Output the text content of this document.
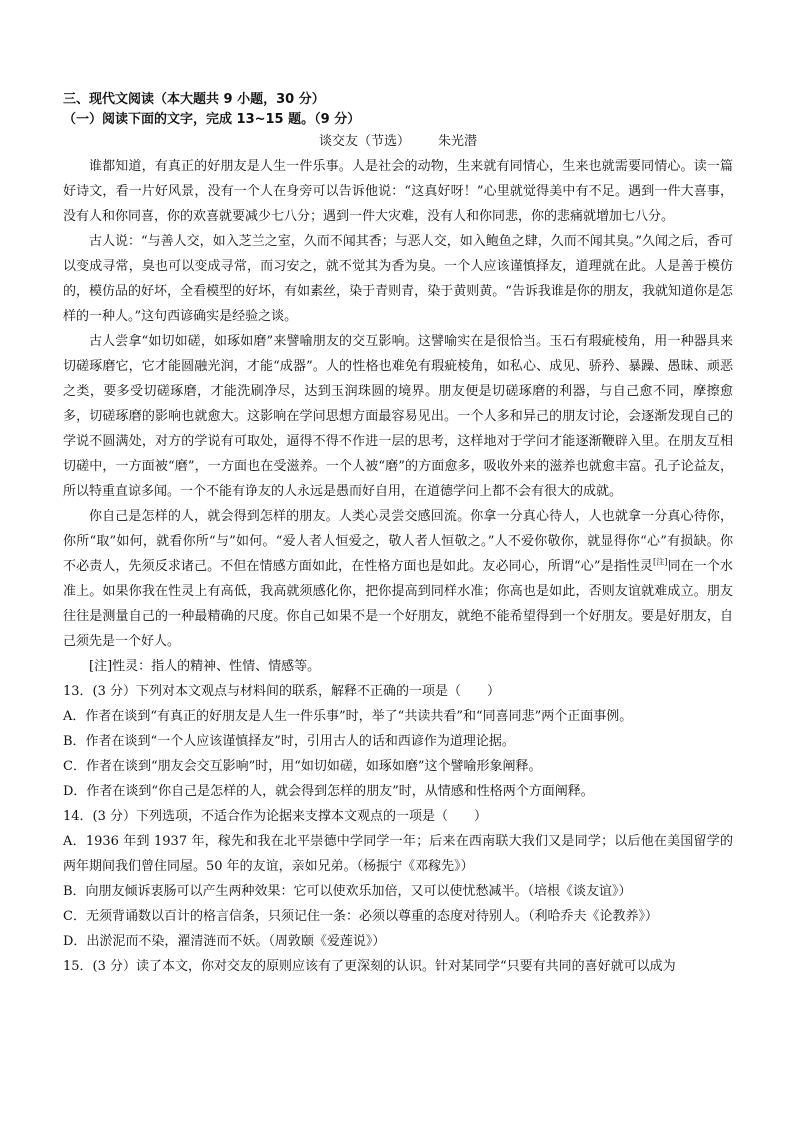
三、现代文阅读（本大题共 9 小题，30 分）

（一）阅读下面的文字，完成 13~15 题。（9 分）

谈交友（节选） 朱光潜

谁都知道，有真正的好朋友是人生一件乐事。人是社会的动物，生来就有同情心，生来也就需要同情心。读一篇好诗文，看一片好风景，没有一个人在身旁可以告诉他说：“这真好呀！”心里就觉得美中有不足。遇到一件大喜事，没有人和你同喜，你的欢喜就要减少七八分；遇到一件大灾难，没有人和你同悲，你的悲痛就增加七八分。

古人说：“与善人交，如入芝兰之室，久而不闻其香；与恶人交，如入鲍鱼之肆，久而不闻其臭。”久闻之后，香可以变成寻常，臭也可以变成寻常，而习安之，就不觉其为香为臭。一个人应该谨慎择友，道理就在此。人是善于模仿的，模仿品的好坏，全看模型的好坏，有如素丝，染于青则青，染于黄则黄。“告诉我谁是你的朋友，我就知道你是怎样的一种人。”这句西谚确实是经验之谈。

古人尝拿“如切如磋，如琢如磨”来譬喻朋友的交互影响。这譬喻实在是很恰当。玉石有瑕疵棱角，用一种器具来切磋琢磨它，它才能圆融光润，才能“成器”。人的性格也难免有瑕疵棱角，如私心、成见、骄矜、暴躁、愚昧、顽恶之类，要多受切磋琢磨，才能洗刷净尽，达到玉润珠圆的境界。朋友便是切磋琢磨的利器，与自己愈不同，摩擦愈多，切磋琢磨的影响也就愈大。这影响在学问思想方面最容易见出。一个人多和异己的朋友讨论，会逐渐发现自己的学说不圆满处，对方的学说有可取处，逼得不得不作进一层的思考，这样地对于学问才能逐渐鞭辟入里。在朋友互相切磋中，一方面被“磨”，一方面也在受滋养。一个人被“磨”的方面愈多，吸收外来的滋养也就愈丰富。孔子论益友，所以特重直谅多闻。一个不能有诤友的人永远是愚而好自用，在道德学问上都不会有很大的成就。

你自己是怎样的人，就会得到怎样的朋友。人类心灵尝交感回流。你拿一分真心待人，人也就拿一分真心待你，你所“取”如何，就看你所“与”如何。“爱人者人恒爱之，敬人者人恒敬之。”人不爱你敬你，就显得你“心”有损缺。你不必责人，先须反求诸己。不但在情感方面如此，在性格方面也是如此。友必同心，所谓“心”是指性灵[注]同在一个水准上。如果你我在性灵上有高低，我高就须感化你，把你提高到同样水准；你高也是如此，否则友谊就难成立。朋友往往是测量自己的一种最精确的尺度。你自己如果不是一个好朋友，就绝不能希望得到一个好朋友。要是好朋友，自己须先是一个好人。

[注]性灵：指人的精神、性情、情感等。

13．(3 分）下列对本文观点与材料间的联系，解释不正确的一项是（　　）

A．作者在谈到“有真正的好朋友是人生一件乐事”时，举了“共读共看”和“同喜同悲”两个正面事例。

B．作者在谈到“一个人应该谨慎择友”时，引用古人的话和西谚作为道理论据。

C．作者在谈到“朋友会交互影响”时，用“如切如磋，如琢如磨”这个譬喻形象阐释。

D．作者在谈到“你自己是怎样的人，就会得到怎样的朋友”时，从情感和性格两个方面阐释。

14．(3 分）下列选项，不适合作为论据来支撑本文观点的一项是（　　）

A．1936 年到 1937 年，稼先和我在北平崇德中学同学一年；后来在西南联大我们又是同学；以后他在美国留学的两年期间我们曾住同屋。50 年的友谊，亲如兄弟。（杨振宁《邓稼先》）

B．向朋友倾诉衷肠可以产生两种效果：它可以使欢乐加倍，又可以使忧愁减半。（培根《谈友谊》）

C．无须背诵数以百计的格言信条，只须记住一条：必须以尊重的态度对待别人。（利哈乔夫《论教养》）

D．出淤泥而不染，濯清涟而不妖。（周敦颐《爱莲说》）

15．(3 分）读了本文，你对交友的原则应该有了更深刻的认识。针对某同学“只要有共同的喜好就可以成为
